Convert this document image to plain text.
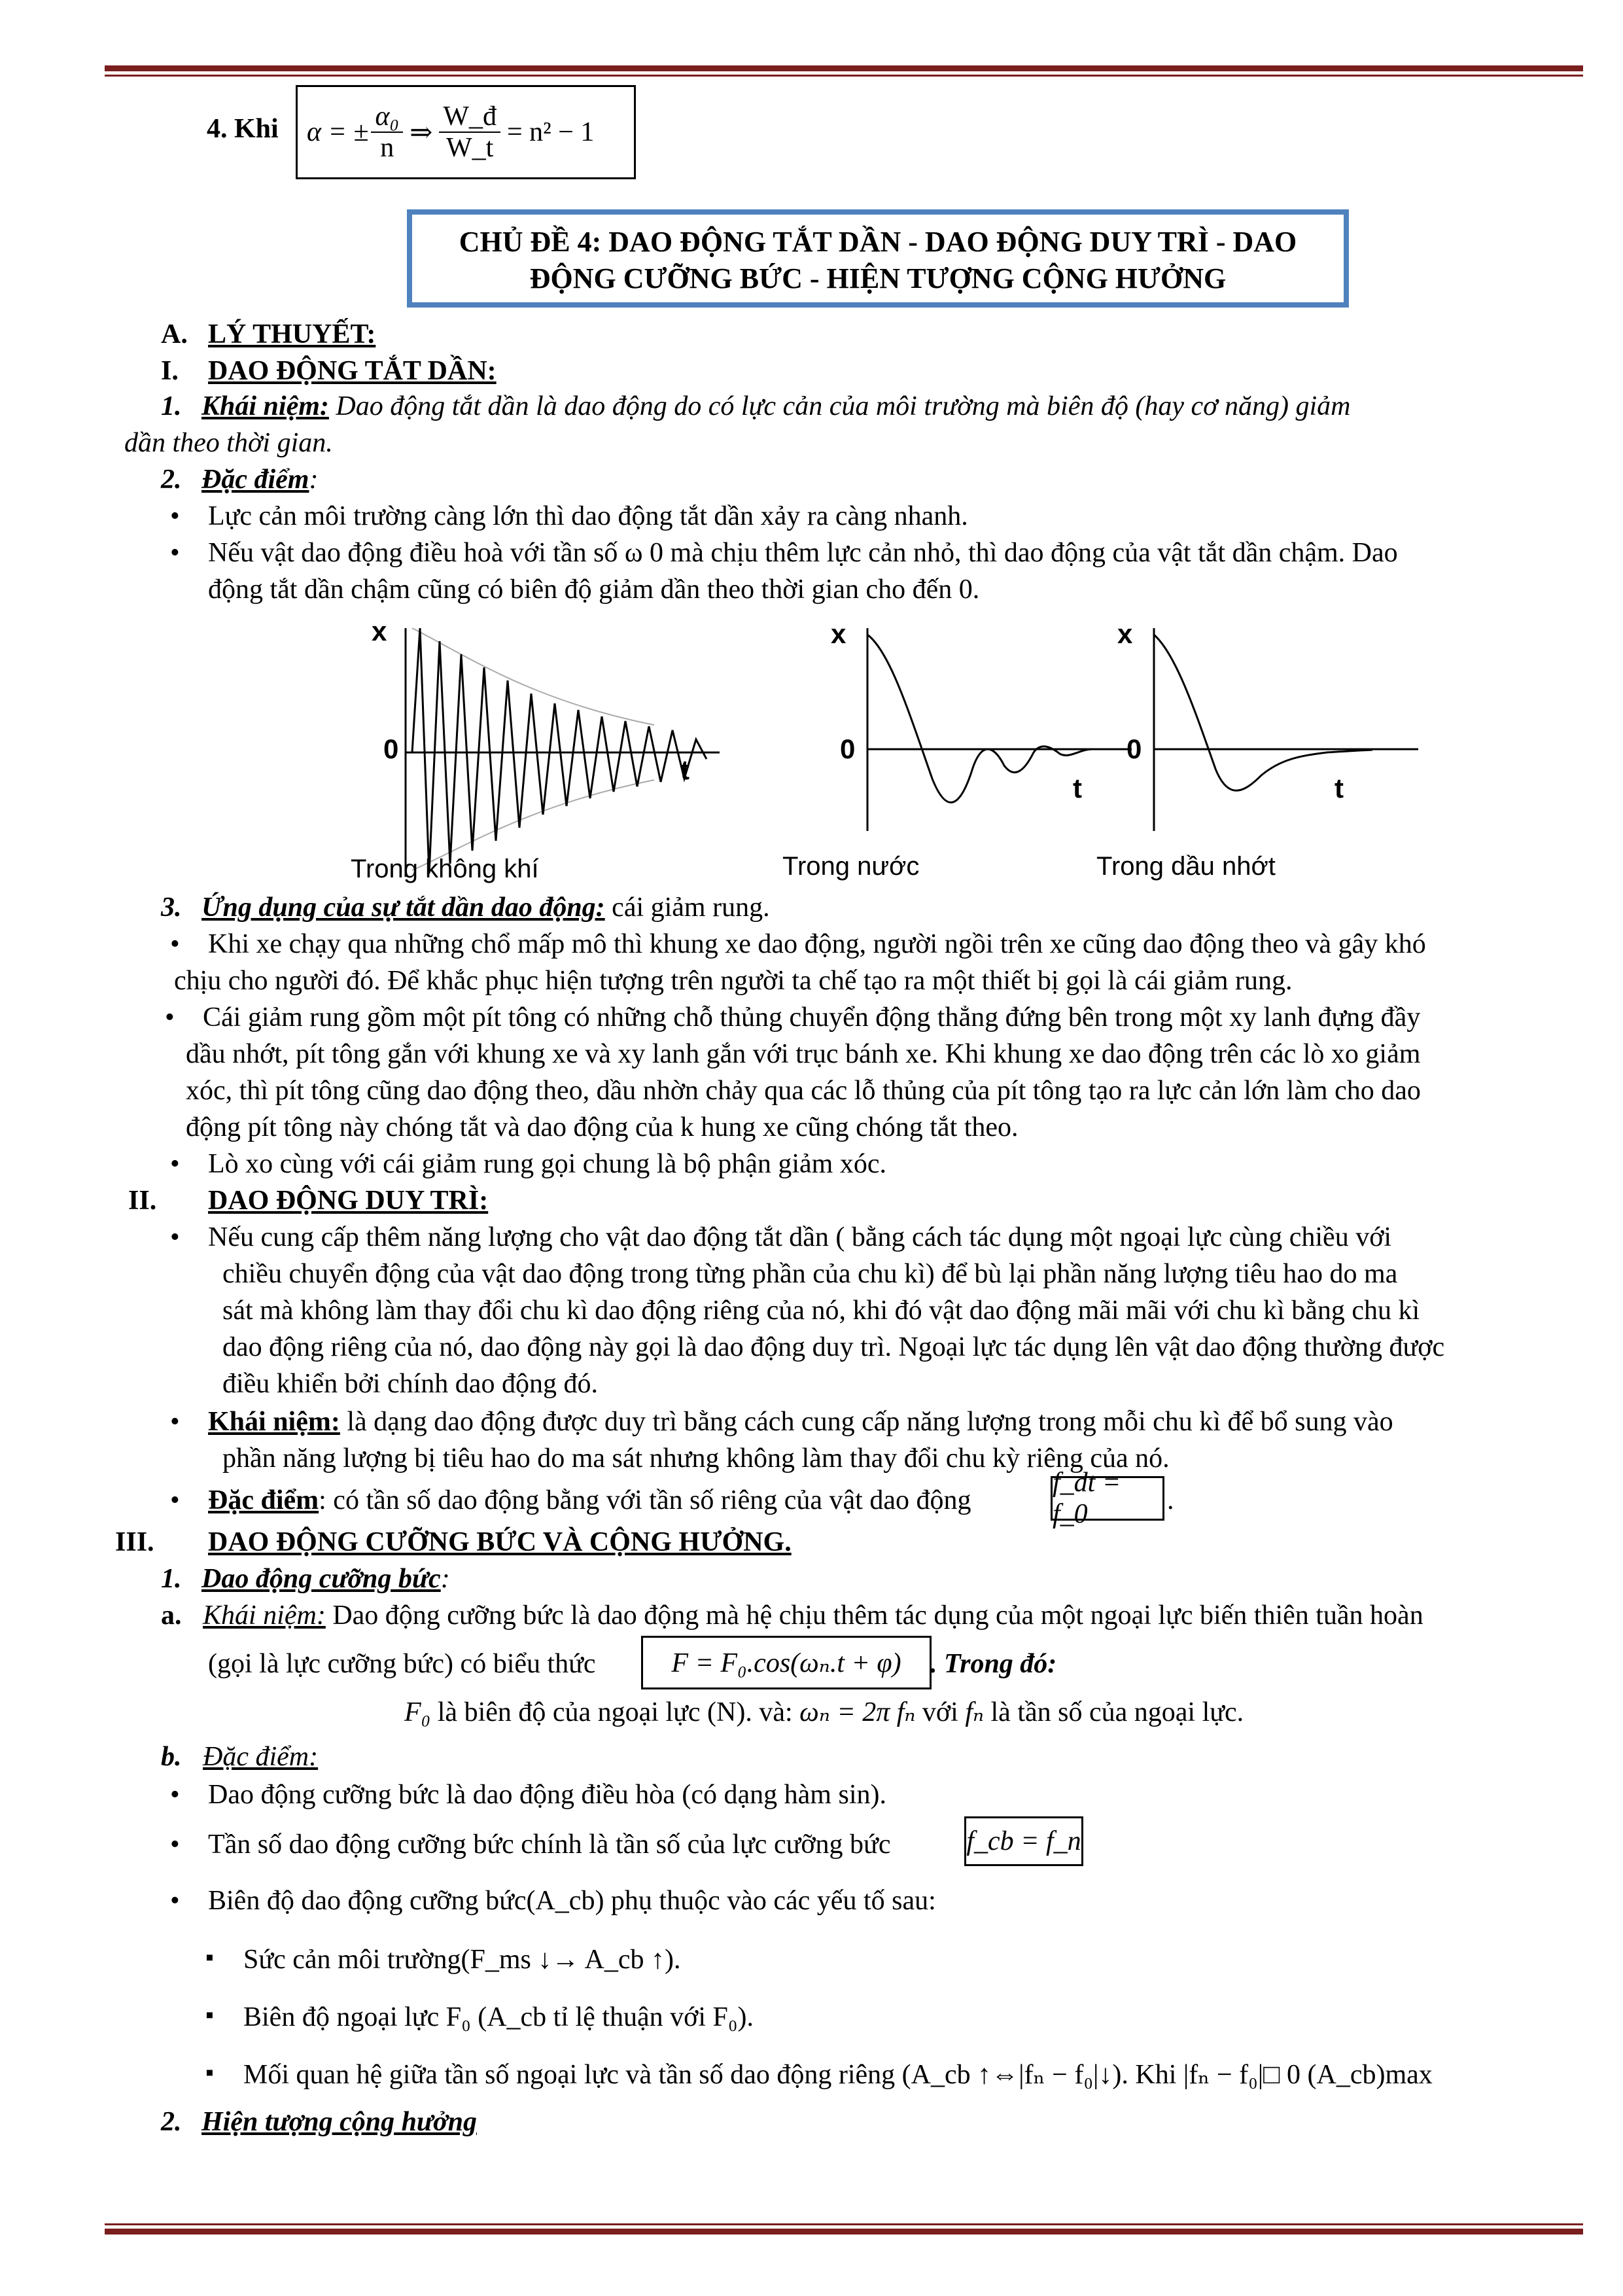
4. Khi α = ± $\frac{\text{α₀}}{n}$ ⇒ $\frac{W\_đ}{W\_t} = n^2 - 1$
CHỦ ĐỀ 4: DAO ĐỘNG TẮT DẦN - DAO ĐỘNG DUY TRÌ - DAO
ĐỘNG CƯỠNG BỨC - HIỆN TƯỢNG CỘNG HƯỞNG
A. LÝ THUYẾT:
I. DAO ĐỘNG TẮT DẦN:
1. Khái niệm: Dao động tắt dần là dao động do có lực cản của môi trường mà biên độ (hay cơ năng) giảm
dần theo thời gian.
2. Đặc điểm:
• Lực cản môi trường càng lớn thì dao động tắt dần xảy ra càng nhanh.
• Nếu vật dao động điều hoà với tần số ω 0 mà chịu thêm lực cản nhỏ, thì dao động của vật tắt dần chậm. Dao
động tắt dần chậm cũng có biên độ giảm dần theo thời gian cho đến 0.
x
0
t
Trong không khí
x
0
t
Trong nước
x
0
t
Trong dầu nhớt
3. Ứng dụng của sự tắt dần dao động: cái giảm rung.
• Khi xe chạy qua những chổ mấp mô thì khung xe dao động, người ngồi trên xe cũng dao động theo và gây khó
chịu cho người đó. Để khắc phục hiện tượng trên người ta chế tạo ra một thiết bị gọi là cái giảm rung.
• Cái giảm rung gồm một pít tông có những chỗ thủng chuyển động thẳng đứng bên trong một xy lanh đựng đầy
dầu nhớt, pít tông gắn với khung xe và xy lanh gắn với trục bánh xe. Khi khung xe dao động trên các lò xo giảm
xóc, thì pít tông cũng dao động theo, dầu nhờn chảy qua các lỗ thủng của pít tông tạo ra lực cản lớn làm cho dao
động pít tông này chóng tắt và dao động của k hung xe cũng chóng tắt theo.
• Lò xo cùng với cái giảm rung gọi chung là bộ phận giảm xóc.
II. DAO ĐỘNG DUY TRÌ:
• Nếu cung cấp thêm năng lượng cho vật dao động tắt dần ( bằng cách tác dụng một ngoại lực cùng chiều với
chiều chuyển động của vật dao động trong từng phần của chu kì) để bù lại phần năng lượng tiêu hao do ma
sát mà không làm thay đổi chu kì dao động riêng của nó, khi đó vật dao động mãi mãi với chu kì bằng chu kì
dao động riêng của nó, dao động này gọi là dao động duy trì. Ngoại lực tác dụng lên vật dao động thường được
điều khiển bởi chính dao động đó.
• Khái niệm: là dạng dao động được duy trì bằng cách cung cấp năng lượng trong mỗi chu kì để bổ sung vào
phần năng lượng bị tiêu hao do ma sát nhưng không làm thay đổi chu kỳ riêng của nó.
• Đặc điểm: có tần số dao động bằng với tần số riêng của vật dao động
f_dt = f_0	.
III. DAO ĐỘNG CƯỠNG BỨC VÀ CỘNG HƯỞNG.
1. Dao động cưỡng bức:
a. Khái niệm: Dao động cưỡng bức là dao động mà hệ chịu thêm tác dụng của một ngoại lực biến thiên tuần hoàn
(gọi là lực cưỡng bức) có biểu thức	F = F₀.cos(ωₙ.t + φ)	. Trong đó:
F₀ là biên độ của ngoại lực (N). và: ωₙ = 2π fₙ với fₙ là tần số của ngoại lực.
b. Đặc điểm:
• Dao động cưỡng bức là dao động điều hòa (có dạng hàm sin).
• Tần số dao động cưỡng bức chính là tần số của lực cưỡng bức	f_cb = f_n
• Biên độ dao động cưỡng bức(A_cb) phụ thuộc vào các yếu tố sau:
▪ Sức cản môi trường(F_ms ↓→ A_cb ↑).
▪ Biên độ ngoại lực F₀ (A_cb tỉ lệ thuận với F₀).
▪ Mối quan hệ giữa tần số ngoại lực và tần số dao động riêng (A_cb ↑⇔|fₙ − f₀|↓). Khi |fₙ − f₀|□ 0 (A_cb)max
2. Hiện tượng cộng hưởng
